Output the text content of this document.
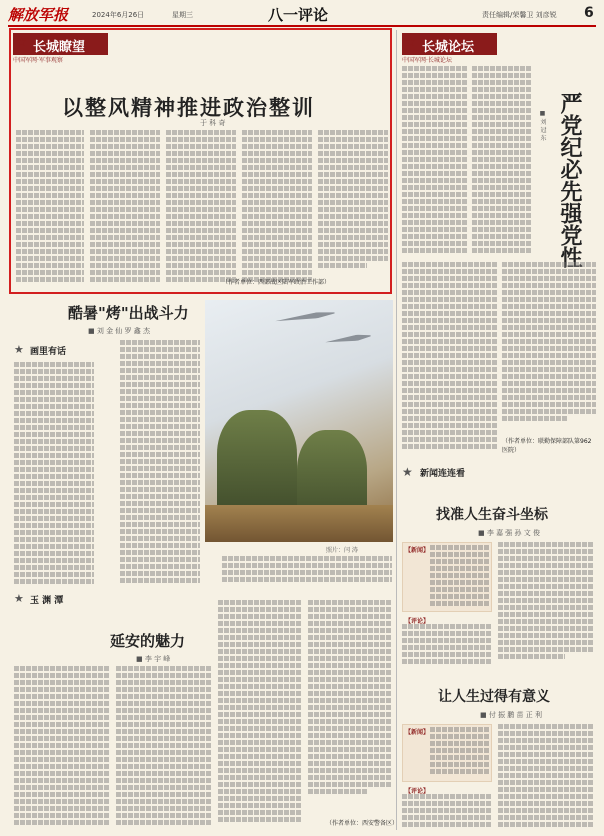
解放军报	2024年6月26日	星期三	八一评论	责任编辑/荣馨卫 刘彦锐 6
★ 长城瞭望
中国军网·军事观察
以整风精神推进政治整训
于 科 奇
（作者单位：西部战区陆军政治工作部）
★ 长城论坛
中国军网·长城论坛
严党纪必先强党性
■ 刘 冠 东
（作者单位：联勤保障部队第962医院）
酷暑"烤"出战斗力
■ 刘 金 仙 罗 鑫 杰
★ 画里有话
照片：闫 涛
★ 玉 渊 潭
延安的魅力
■ 李 宇 峰
（作者单位：西安警备区）
★ 新闻连连看
找准人生奋斗坐标
■ 李 嘉 强 孙 文 俊
【新闻】
【评论】
让人生过得有意义
■ 付 振 鹏 苗 正 利
【新闻】
【评论】
